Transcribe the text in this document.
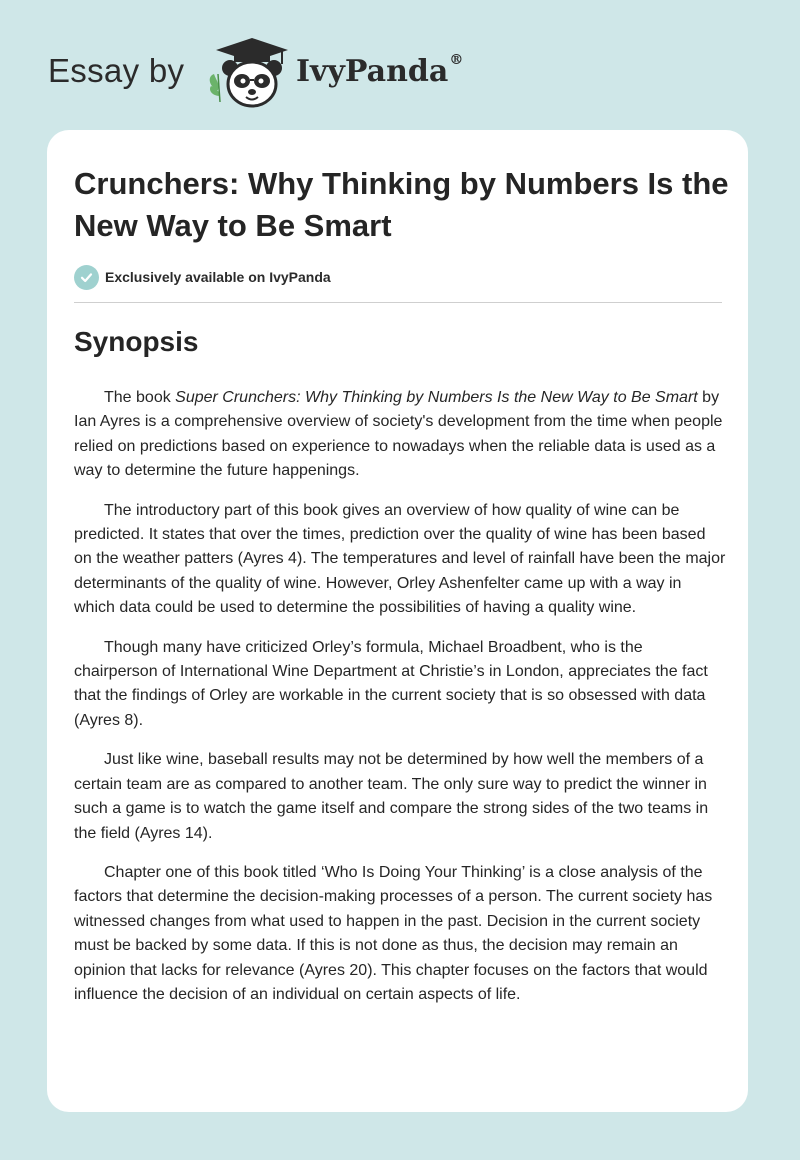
Essay by	IvyPanda®
Crunchers: Why Thinking by Numbers Is the New Way to Be Smart
Exclusively available on IvyPanda
Synopsis

The book Super Crunchers: Why Thinking by Numbers Is the New Way to Be Smart by Ian Ayres is a comprehensive overview of society's development from the time when people relied on predictions based on experience to nowadays when the reliable data is used as a way to determine the future happenings.

The introductory part of this book gives an overview of how quality of wine can be predicted. It states that over the times, prediction over the quality of wine has been based on the weather patters (Ayres 4). The temperatures and level of rainfall have been the major determinants of the quality of wine. However, Orley Ashenfelter came up with a way in which data could be used to determine the possibilities of having a quality wine.

Though many have criticized Orley’s formula, Michael Broadbent, who is the chairperson of International Wine Department at Christie’s in London, appreciates the fact that the findings of Orley are workable in the current society that is so obsessed with data (Ayres 8).

Just like wine, baseball results may not be determined by how well the members of a certain team are as compared to another team. The only sure way to predict the winner in such a game is to watch the game itself and compare the strong sides of the two teams in the field (Ayres 14).

Chapter one of this book titled ‘Who Is Doing Your Thinking’ is a close analysis of the factors that determine the decision-making processes of a person. The current society has witnessed changes from what used to happen in the past. Decision in the current society must be backed by some data. If this is not done as thus, the decision may remain an opinion that lacks for relevance (Ayres 20). This chapter focuses on the factors that would influence the decision of an individual on certain aspects of life.
